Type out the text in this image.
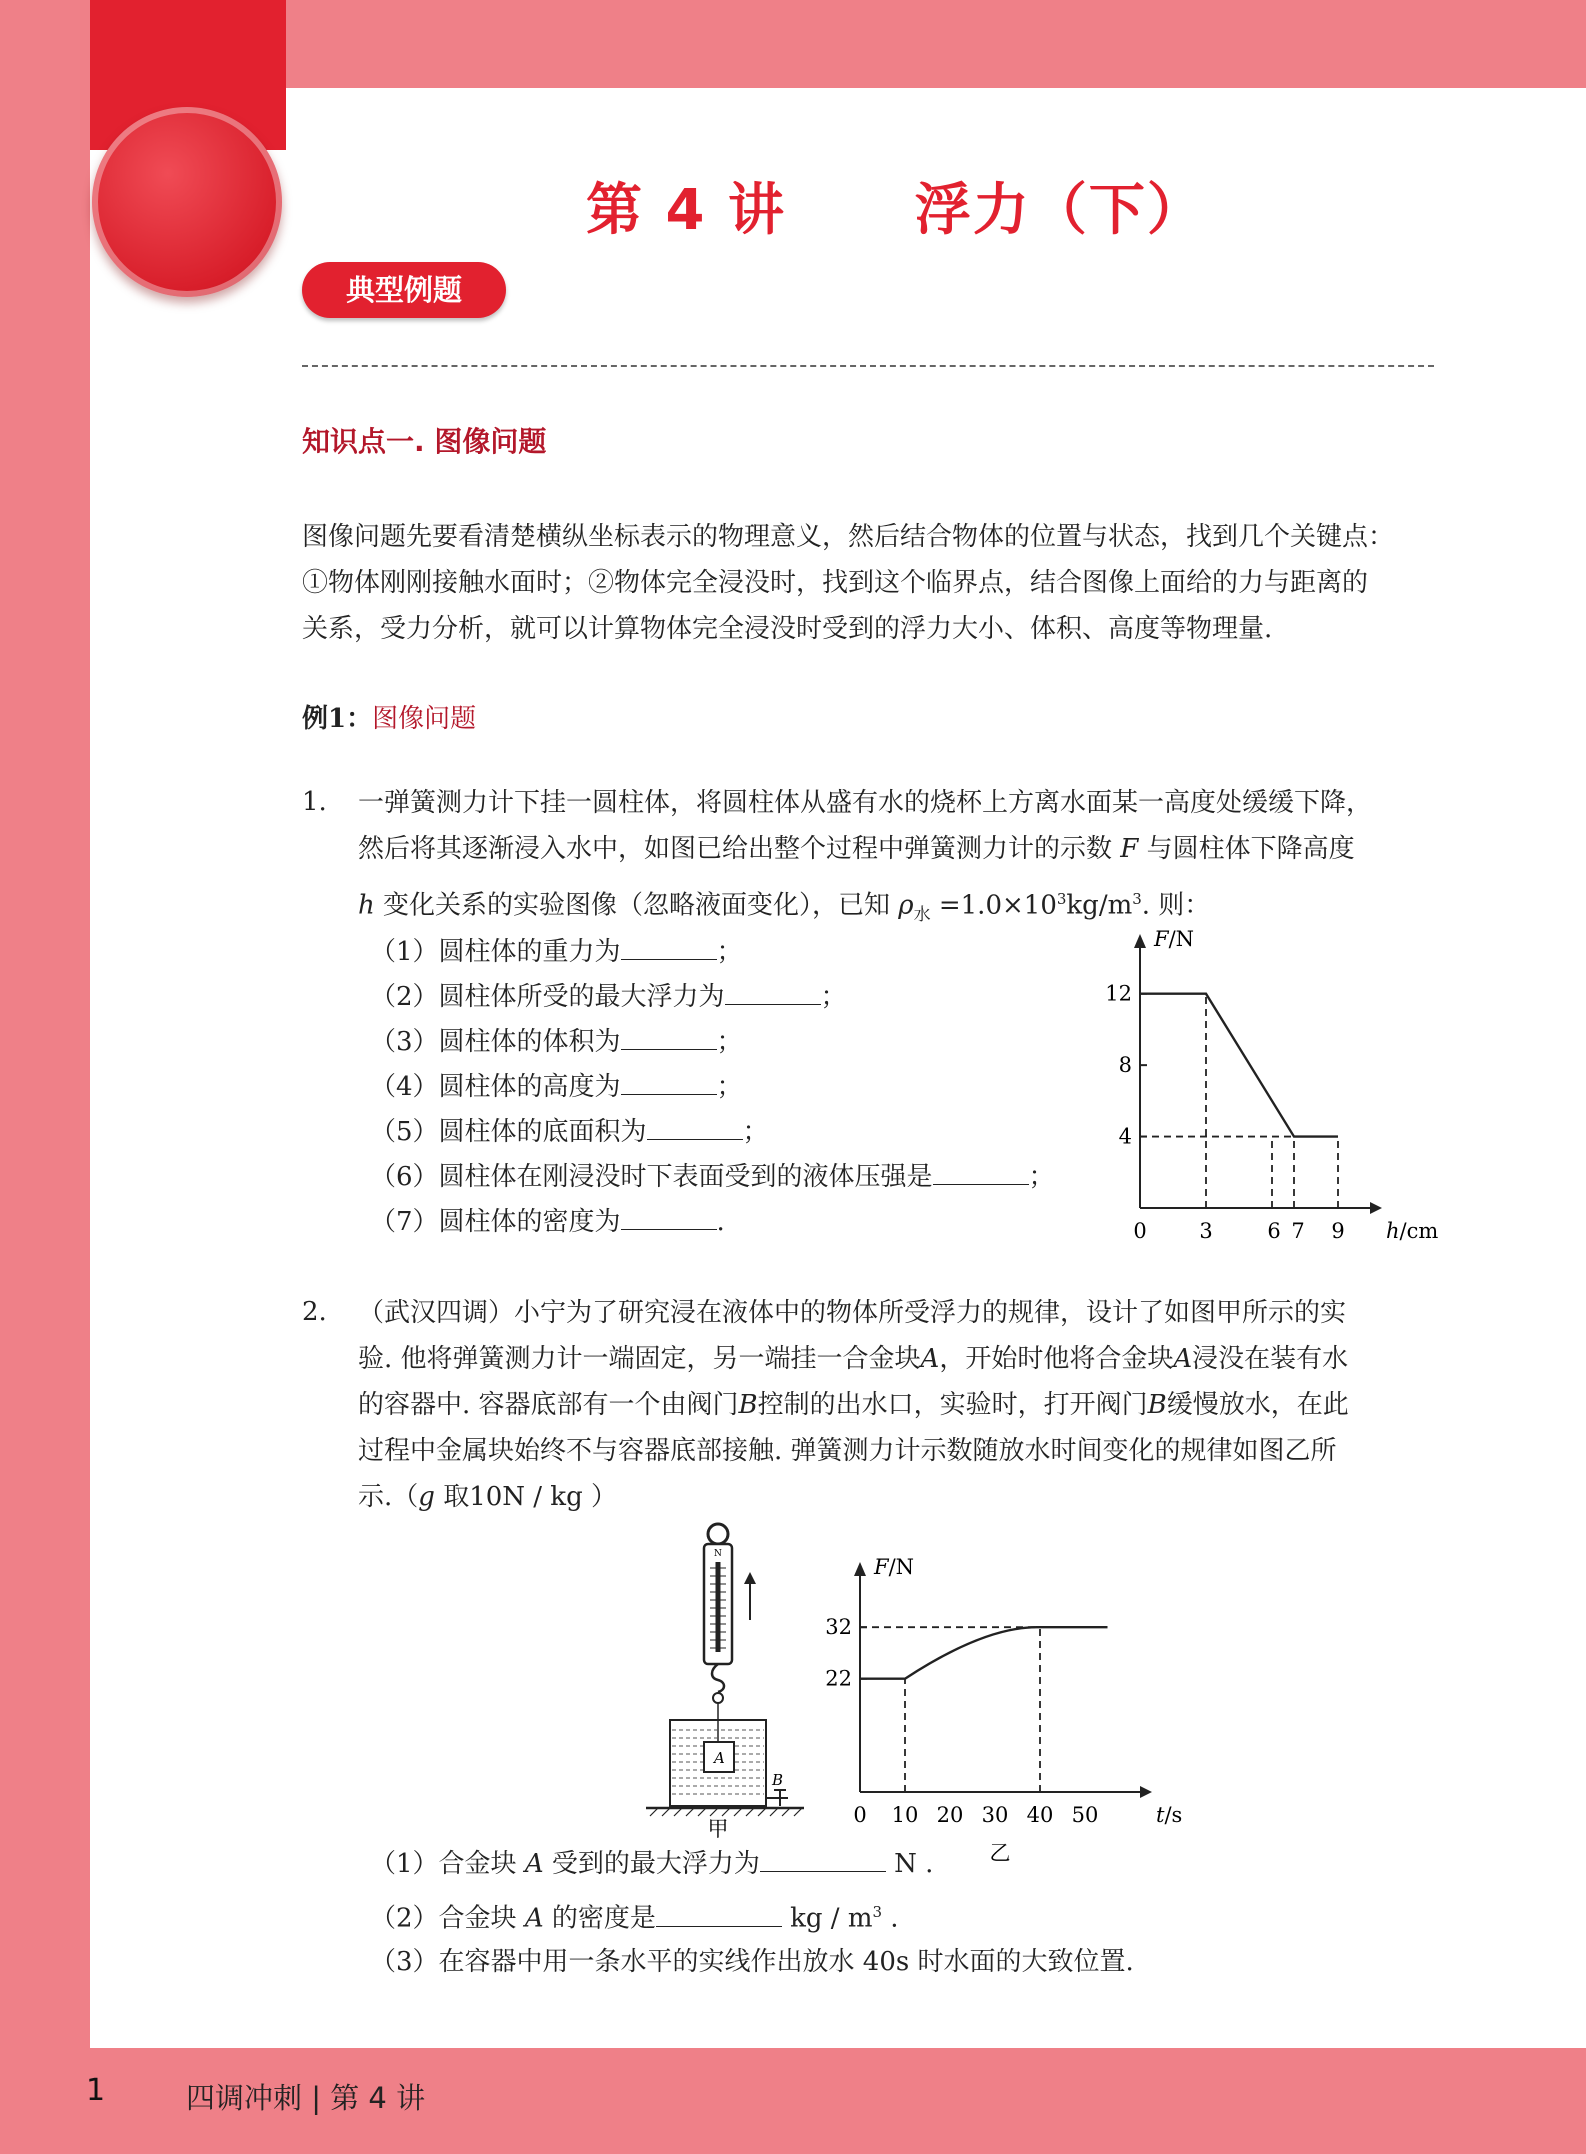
第 4 讲      浮力（下）
典型例题
知识点一. 图像问题
图像问题先要看清楚横纵坐标表示的物理意义，然后结合物体的位置与状态，找到几个关键点：
①物体刚刚接触水面时；②物体完全浸没时，找到这个临界点，结合图像上面给的力与距离的
关系，受力分析，就可以计算物体完全浸没时受到的浮力大小、体积、高度等物理量.
例1：图像问题
1. 一弹簧测力计下挂一圆柱体，将圆柱体从盛有水的烧杯上方离水面某一高度处缓缓下降，
然后将其逐渐浸入水中，如图已给出整个过程中弹簧测力计的示数 F 与圆柱体下降高度
h 变化关系的实验图像（忽略液面变化），已知 $\rho_水 =1.0\times 10^3kg/m^3$. 则：
（1）圆柱体的重力为	；
（2）圆柱体所受的最大浮力为	；
（3）圆柱体的体积为	；
（4）圆柱体的高度为	；
（5）圆柱体的底面积为	；
（6）圆柱体在刚浸没时下表面受到的液体压强是	；
（7）圆柱体的密度为	.
F/N
h/cm
0	3	6 7 9
4
8
12
2. （武汉四调）小宁为了研究浸在液体中的物体所受浮力的规律，设计了如图甲所示的实
验. 他将弹簧测力计一端固定，另一端挂一合金块A，开始时他将合金块A浸没在装有水
的容器中. 容器底部有一个由阀门B控制的出水口，实验时，打开阀门B缓慢放水，在此
过程中金属块始终不与容器底部接触. 弹簧测力计示数随放水时间变化的规律如图乙所
示.（g 取10N / kg ）
N
A
B
甲
F/N
t/s
0 10 20 30 40 50
22
32
乙
（1）合金块 A 受到的最大浮力为	N .
（2）合金块 A 的密度是	kg / $m^3$ .
（3）在容器中用一条水平的实线作出放水 40s 时水面的大致位置.
1	四调冲刺 | 第 4 讲
